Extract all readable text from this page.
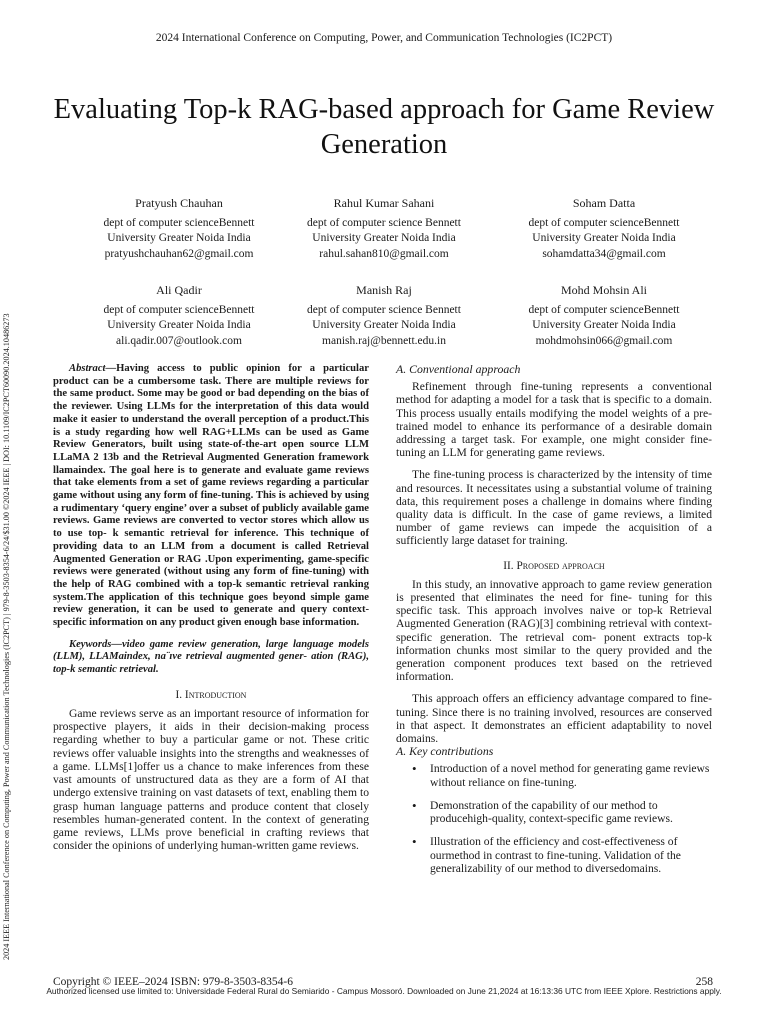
2024 International Conference on Computing, Power, and Communication Technologies (IC2PCT)
2024 IEEE International Conference on Computing, Power and Communication Technologies (IC2PCT) | 979-8-3503-8354-6/24/$31.00 ©2024 IEEE | DOI: 10.1109/IC2PCT60090.2024.10486273
Evaluating Top-k RAG-based approach for Game Review Generation
Pratyush Chauhan
dept of computer scienceBennett
University Greater Noida India
pratyushchauhan62@gmail.com
Rahul Kumar Sahani
dept of computer science Bennett
University Greater Noida India
rahul.sahan810@gmail.com
Soham Datta
dept of computer scienceBennett
University Greater Noida India
sohamdatta34@gmail.com
Ali Qadir
dept of computer scienceBennett
University Greater Noida India
ali.qadir.007@outlook.com
Manish Raj
dept of computer science Bennett
University Greater Noida India
manish.raj@bennett.edu.in
Mohd Mohsin Ali
dept of computer scienceBennett
University Greater Noida India
mohdmohsin066@gmail.com

Abstract—Having access to public opinion for a particular product can be a cumbersome task. There are multiple reviews for the same product. Some may be good or bad depending on the bias of the reviewer. Using LLMs for the interpretation of this data would make it easier to understand the overall perception of a product.This is a study regarding how well RAG+LLMs can be used as Game Review Generators, built using state-of-the-art open source LLM LLaMA 2 13b and the Retrieval Augmented Generation framework llamaindex. The goal here is to generate and evaluate game reviews that take elements from a set of game reviews regarding a particular game without using any form of fine-tuning. This is achieved by using a rudimentary ‘query engine’ over a subset of publicly available game reviews. Game reviews are converted to vector stores which allow us to use top- k semantic retrieval for inference. This technique of providing data to an LLM from a document is called Retrieval Augmented Generation or RAG .Upon experimenting, game-specific reviews were generated (without using any form of fine-tuning) with the help of RAG combined with a top-k semantic retrieval ranking system.The application of this technique goes beyond simple game review generation, it can be used to generate and query context-specific information on any product given enough base information.

Keywords—video game review generation, large language models (LLM), LLAMaindex, na¨ıve retrieval augmented gener- ation (RAG), top-k semantic retrieval.

I. Introduction

Game reviews serve as an important resource of information for prospective players, it aids in their decision-making process regarding whether to buy a particular game or not. These critic reviews offer valuable insights into the strengths and weaknesses of a game. LLMs[1]offer us a chance to make inferences from these vast amounts of unstructured data as they are a form of AI that undergo extensive training on vast datasets of text, enabling them to grasp human language patterns and produce content that closely resembles human-generated content. In the context of generating game reviews, LLMs prove beneficial in crafting reviews that consider the opinions of underlying human-written game reviews.

A. Conventional approach

Refinement through fine-tuning represents a conventional method for adapting a model for a task that is specific to a domain. This process usually entails modifying the model weights of a pre-trained model to enhance its performance of a desirable domain addressing a target task. For example, one might consider fine-tuning an LLM for generating game reviews.

The fine-tuning process is characterized by the intensity of time and resources. It necessitates using a substantial volume of training data, this requirement poses a challenge in domains where finding quality data is difficult. In the case of game reviews, a limited number of game reviews can impede the acquisition of a sufficiently large dataset for training.

II. Proposed approach

In this study, an innovative approach to game review generation is presented that eliminates the need for fine- tuning for this specific task. This approach involves naive or top-k Retrieval Augmented Generation (RAG)[3] combining retrieval with context-specific generation. The retrieval com- ponent extracts top-k information chunks most similar to the query provided and the generation component produces text based on the retrieved information.

This approach offers an efficiency advantage compared to fine-tuning. Since there is no training involved, resources are conserved in that aspect. It demonstrates an efficient adaptability to novel domains.

A. Key contributions

• Introduction of a novel method for generating game reviews without reliance on fine-tuning.
• Demonstration of the capability of our method to producehigh-quality, context-specific game reviews.
• Illustration of the efficiency and cost-effectiveness of ourmethod in contrast to fine-tuning. Validation of the generalizability of our method to diversedomains.
Copyright © IEEE–2024 ISBN: 979-8-3503-8354-6	258
Authorized licensed use limited to: Universidade Federal Rural do Semiarido - Campus Mossoró. Downloaded on June 21,2024 at 16:13:36 UTC from IEEE Xplore. Restrictions apply.
